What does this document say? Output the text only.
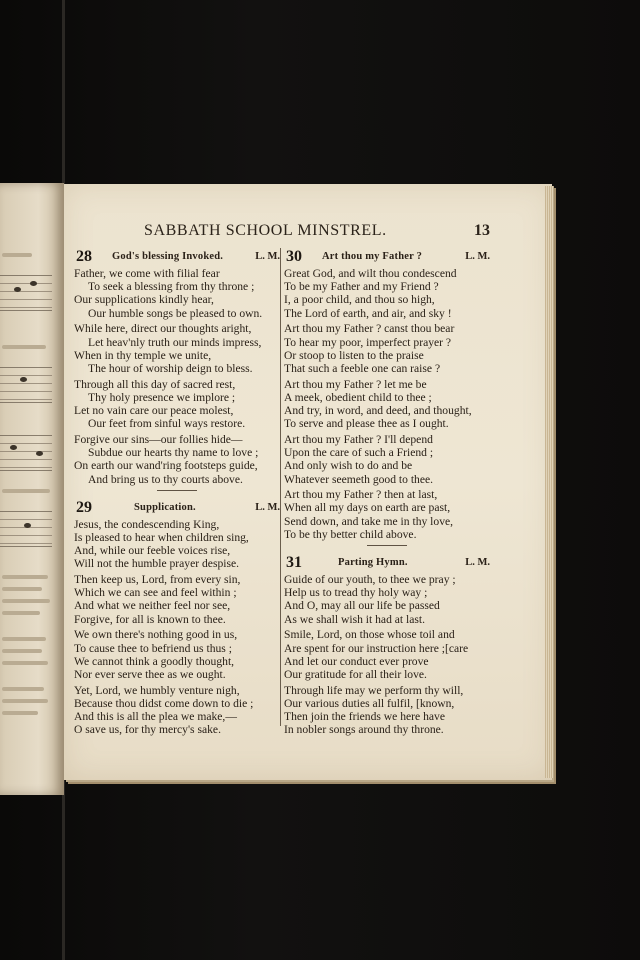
SABBATH SCHOOL MINSTREL.	13
28 God's blessing Invoked.	L. M.
Father, we come with filial fear
To seek a blessing from thy throne ;
Our supplications kindly hear,
Our humble songs be pleased to own.
While here, direct our thoughts aright,
Let heav'nly truth our minds impress,
When in thy temple we unite,
The hour of worship deign to bless.
Through all this day of sacred rest,
Thy holy presence we implore ;
Let no vain care our peace molest,
Our feet from sinful ways restore.
Forgive our sins—our follies hide—
Subdue our hearts thy name to love ;
On earth our wand'ring footsteps guide,
And bring us to thy courts above.
29	Supplication.	L. M.
Jesus, the condescending King,
Is pleased to hear when children sing,
And, while our feeble voices rise,
Will not the humble prayer despise.
Then keep us, Lord, from every sin,
Which we can see and feel within ;
And what we neither feel nor see,
Forgive, for all is known to thee.
We own there's nothing good in us,
To cause thee to befriend us thus ;
We cannot think a goodly thought,
Nor ever serve thee as we ought.
Yet, Lord, we humbly venture nigh,
Because thou didst come down to die ;
And this is all the plea we make,—
O save us, for thy mercy's sake.
30 Art thou my Father ?	L. M.
Great God, and wilt thou condescend
To be my Father and my Friend ?
I, a poor child, and thou so high,
The Lord of earth, and air, and sky !
Art thou my Father ? canst thou bear
To hear my poor, imperfect prayer ?
Or stoop to listen to the praise
That such a feeble one can raise ?
Art thou my Father ? let me be
A meek, obedient child to thee ;
And try, in word, and deed, and thought,
To serve and please thee as I ought.
Art thou my Father ? I'll depend
Upon the care of such a Friend ;
And only wish to do and be
Whatever seemeth good to thee.
Art thou my Father ? then at last,
When all my days on earth are past,
Send down, and take me in thy love,
To be thy better child above.
31	Parting Hymn.	L. M.
Guide of our youth, to thee we pray ;
Help us to tread thy holy way ;
And O, may all our life be passed
As we shall wish it had at last.
Smile, Lord, on those whose toil and
Are spent for our instruction here ;[care
And let our conduct ever prove
Our gratitude for all their love.
Through life may we perform thy will,
Our various duties all fulfil, [known,
Then join the friends we here have
In nobler songs around thy throne.
